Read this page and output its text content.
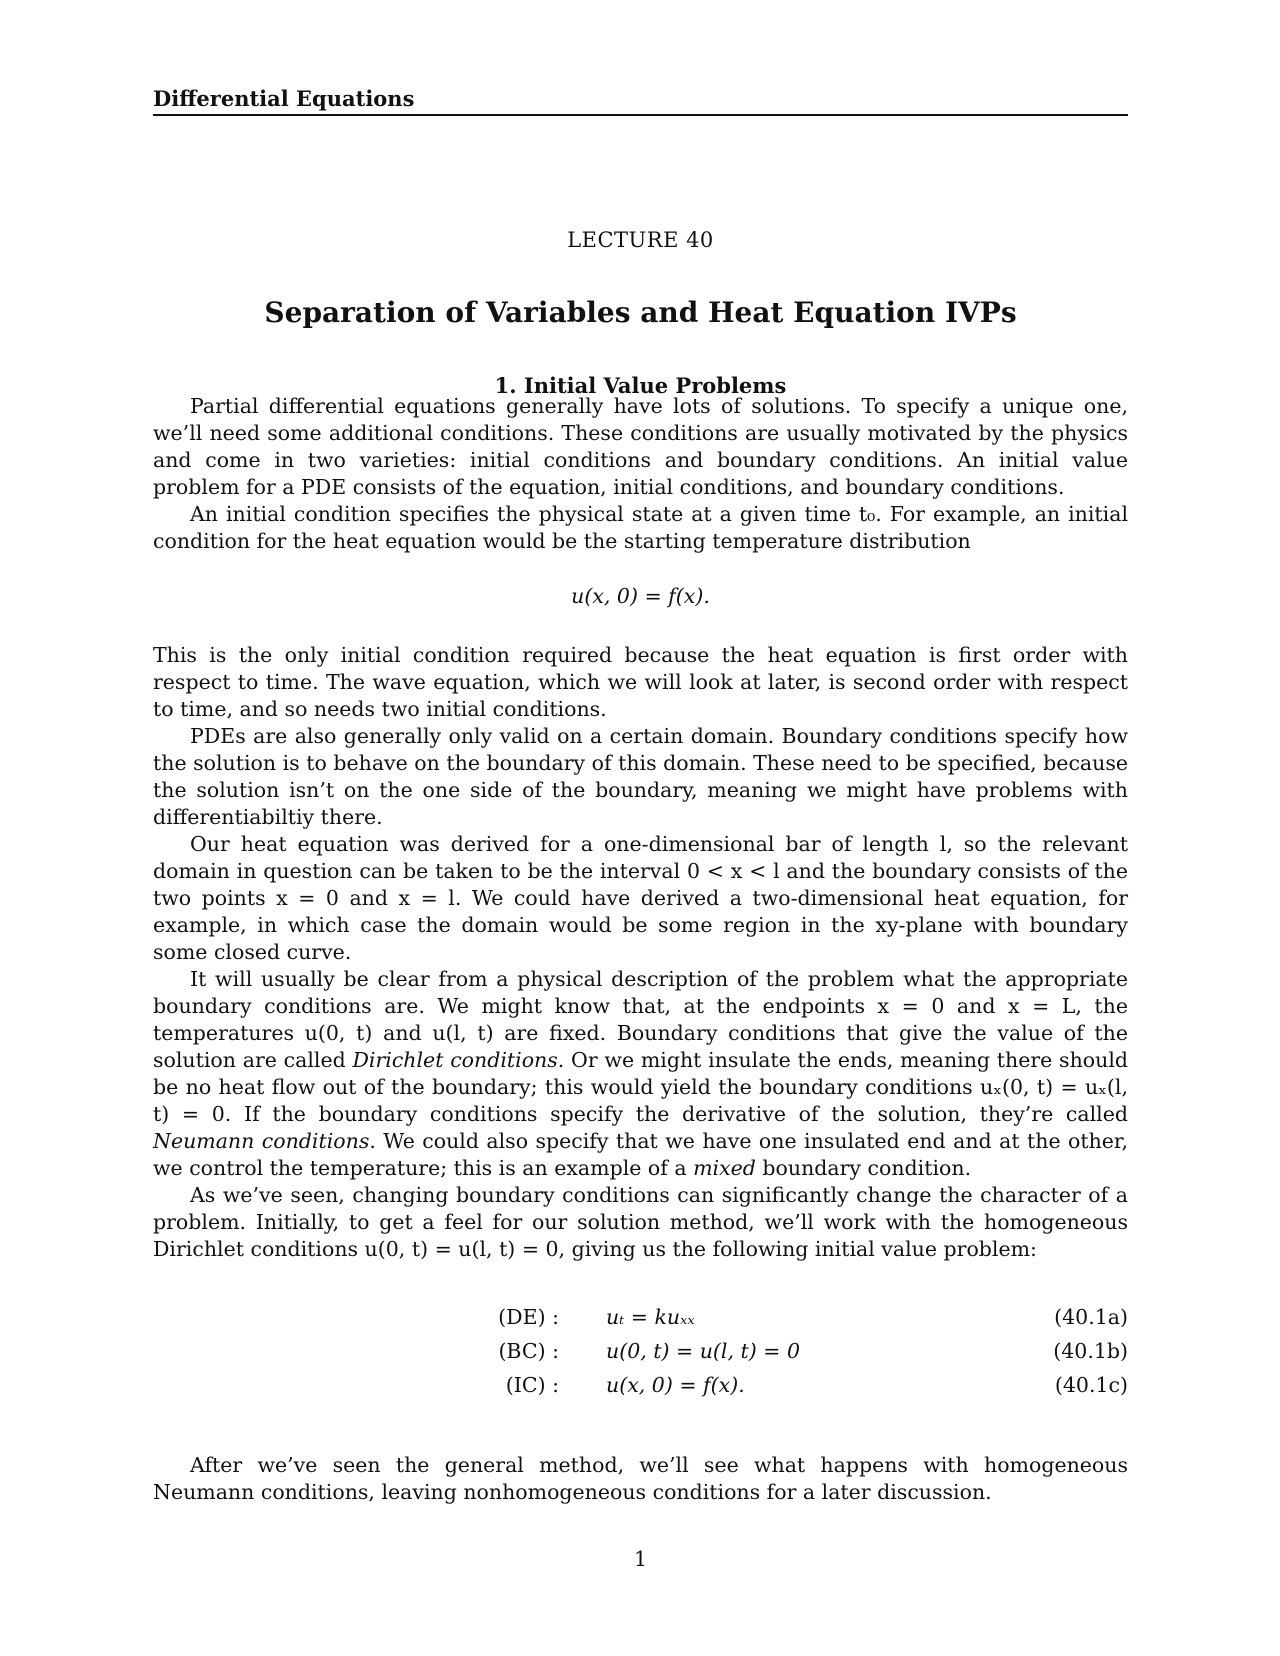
Differential Equations
LECTURE 40
Separation of Variables and Heat Equation IVPs
1. Initial Value Problems

Partial differential equations generally have lots of solutions. To specify a unique one, we’ll need some additional conditions. These conditions are usually motivated by the physics and come in two varieties: initial conditions and boundary conditions. An initial value problem for a PDE consists of the equation, initial conditions, and boundary conditions.

An initial condition specifies the physical state at a given time t₀. For example, an initial condition for the heat equation would be the starting temperature distribution

u(x, 0) = f(x).

This is the only initial condition required because the heat equation is first order with respect to time. The wave equation, which we will look at later, is second order with respect to time, and so needs two initial conditions.

PDEs are also generally only valid on a certain domain. Boundary conditions specify how the solution is to behave on the boundary of this domain. These need to be specified, because the solution isn’t on the one side of the boundary, meaning we might have problems with differentiabiltiy there.

Our heat equation was derived for a one-dimensional bar of length l, so the relevant domain in question can be taken to be the interval 0 < x < l and the boundary consists of the two points x = 0 and x = l. We could have derived a two-dimensional heat equation, for example, in which case the domain would be some region in the xy-plane with boundary some closed curve.

It will usually be clear from a physical description of the problem what the appropriate boundary conditions are. We might know that, at the endpoints x = 0 and x = L, the temperatures u(0, t) and u(l, t) are fixed. Boundary conditions that give the value of the solution are called Dirichlet conditions. Or we might insulate the ends, meaning there should be no heat flow out of the boundary; this would yield the boundary conditions uₓ(0, t) = uₓ(l, t) = 0. If the boundary conditions specify the derivative of the solution, they’re called Neumann conditions. We could also specify that we have one insulated end and at the other, we control the temperature; this is an example of a mixed boundary condition.

As we’ve seen, changing boundary conditions can significantly change the character of a problem. Initially, to get a feel for our solution method, we’ll work with the homogeneous Dirichlet conditions u(0, t) = u(l, t) = 0, giving us the following initial value problem:

(DE) : uₜ = kuₓₓ	(40.1a)
(BC) : u(0, t) = u(l, t) = 0	(40.1b)
(IC) : u(x, 0) = f(x).	(40.1c)

After we’ve seen the general method, we’ll see what happens with homogeneous Neumann conditions, leaving nonhomogeneous conditions for a later discussion.

1
